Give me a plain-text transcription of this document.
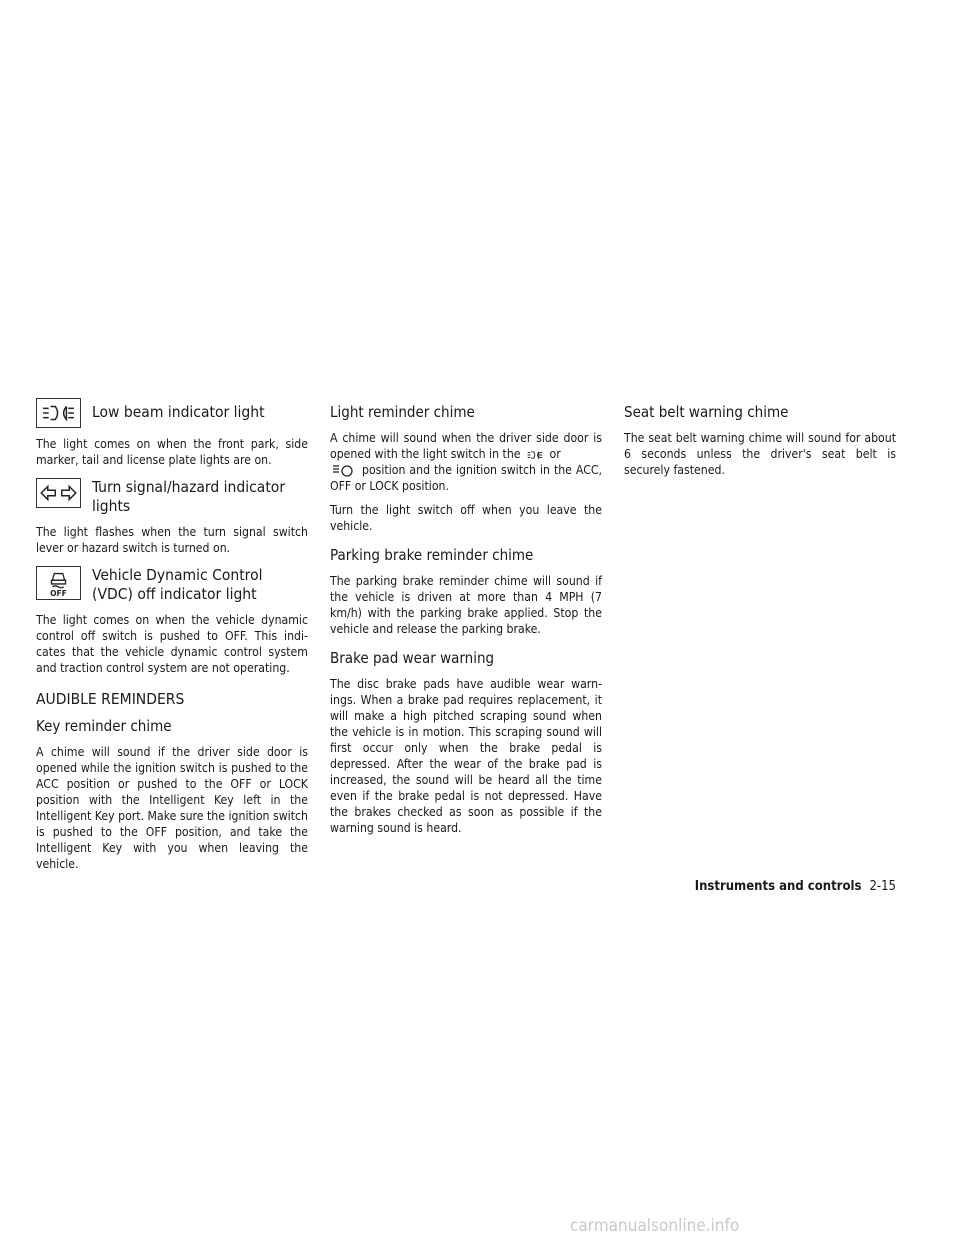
Low beam indicator light

The light comes on when the front park, side marker, tail and license plate lights are on.

Turn signal/hazard indicator
lights

The light flashes when the turn signal switch lever or hazard switch is turned on.

OFF
Vehicle Dynamic Control
(VDC) off indicator light

The light comes on when the vehicle dynamic control off switch is pushed to OFF. This indi-cates that the vehicle dynamic control system and traction control system are not operating.

AUDIBLE REMINDERS
Key reminder chime

A chime will sound if the driver side door is opened while the ignition switch is pushed to the ACC position or pushed to the OFF or LOCK position with the Intelligent Key left in the Intelligent Key port. Make sure the ignition switch is pushed to the OFF position, and take the Intelligent Key with you when leaving the vehicle.

Light reminder chime

A chime will sound when the driver side door is opened with the light switch in the or

position and the ignition switch in the ACC, OFF or LOCK position.

Turn the light switch off when you leave the vehicle.

Parking brake reminder chime

The parking brake reminder chime will sound if the vehicle is driven at more than 4 MPH (7 km/h) with the parking brake applied. Stop the vehicle and release the parking brake.

Brake pad wear warning

The disc brake pads have audible wear warn-ings. When a brake pad requires replacement, it will make a high pitched scraping sound when the vehicle is in motion. This scraping sound will first occur only when the brake pedal is depressed. After the wear of the brake pad is increased, the sound will be heard all the time even if the brake pedal is not depressed. Have the brakes checked as soon as possible if the warning sound is heard.

Seat belt warning chime

The seat belt warning chime will sound for about 6 seconds unless the driver's seat belt is securely fastened.

Instruments and controls 2-15
carmanualsonline.info
